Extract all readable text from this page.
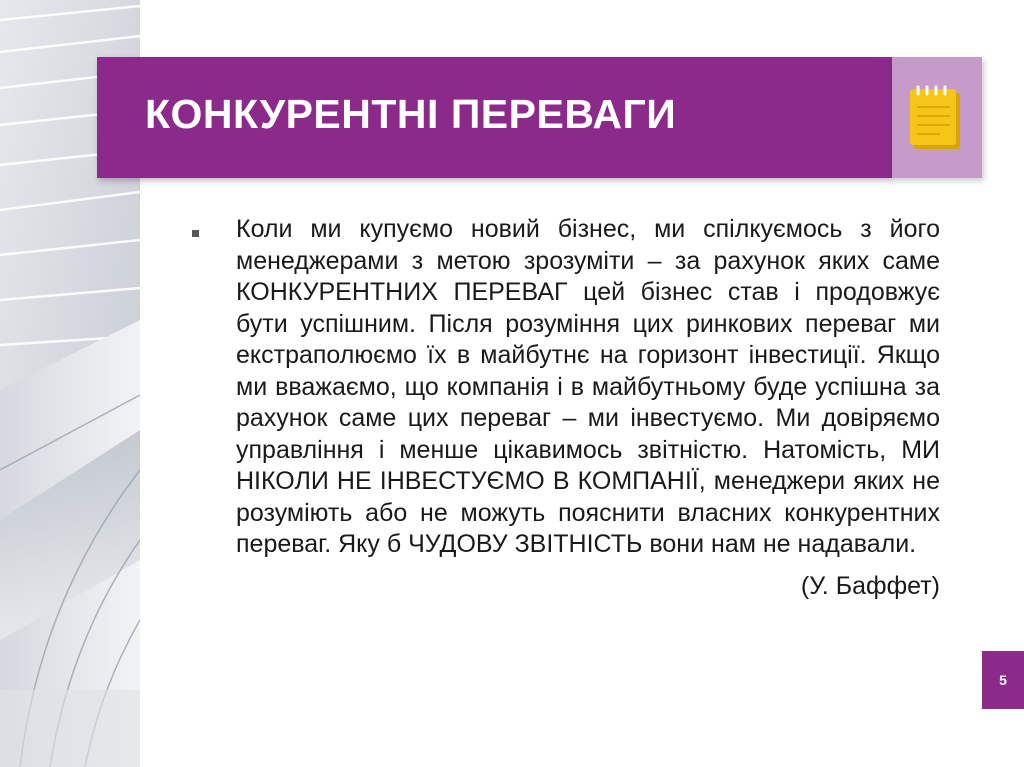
КОНКУРЕНТНІ ПЕРЕВАГИ

Коли ми купуємо новий бізнес, ми спілкуємось з його менеджерами з метою зрозуміти – за рахунок яких саме КОНКУРЕНТНИХ ПЕРЕВАГ цей бізнес став і продовжує бути успішним. Після розуміння цих ринкових переваг ми екстраполюємо їх в майбутнє на горизонт інвестиції. Якщо ми вважаємо, що компанія і в майбутньому буде успішна за рахунок саме цих переваг – ми інвестуємо. Ми довіряємо управління і менше цікавимось звітністю. Натомість, МИ НІКОЛИ НЕ ІНВЕСТУЄМО В КОМПАНІЇ, менеджери яких не розуміють або не можуть пояснити власних конкурентних переваг. Яку б ЧУДОВУ ЗВІТНІСТЬ вони нам не надавали.

(У. Баффет)
5
